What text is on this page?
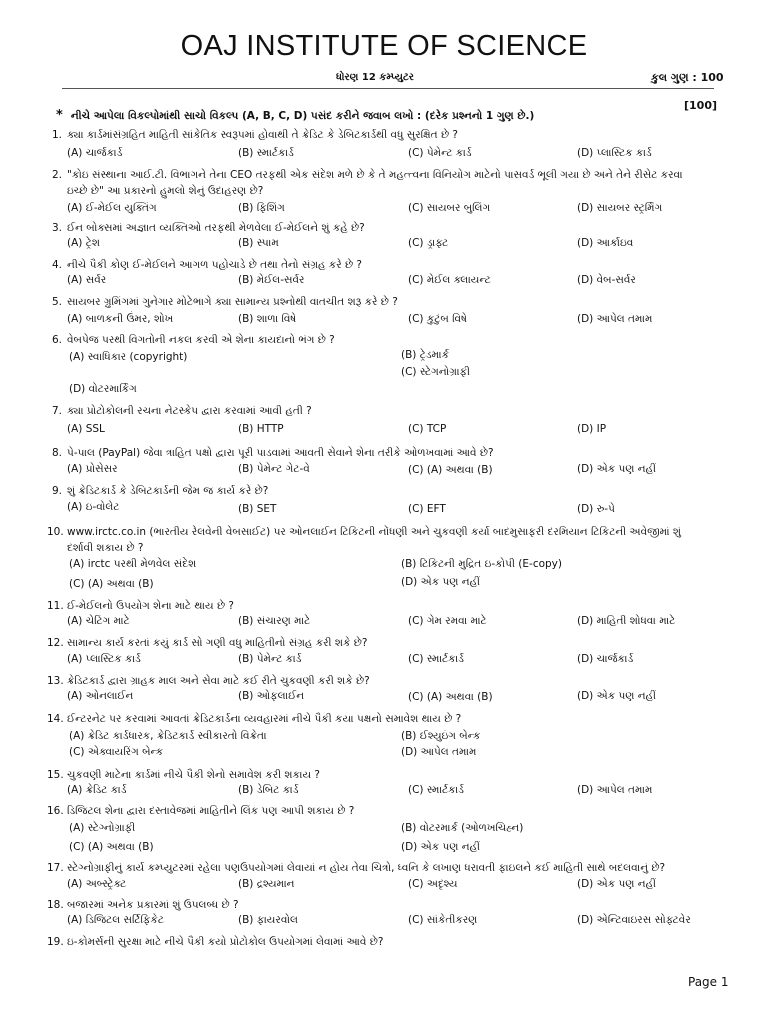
OAJ INSTITUTE OF SCIENCE
ધોરણ 12 કમ્પ્યુટર	કુલ ગુણ : 100
[100]
* નીચે આપેલા વિકલ્પોમાંથી સાચો વિકલ્પ (A, B, C, D) પસંદ કરીને જવાબ લખો : (દરેક પ્રશ્નનો 1 ગુણ છે.)
1. ક્યા કાર્ડમાંસંગ્રહિત માહિતી સાંકેતિક સ્વરૂપમાં હોવાથી તે ક્રેડિટ કે ડેબિટકાર્ડથી વધુ સુરક્ષિત છે ?
(A) ચાર્જકાર્ડ	(B) સ્માર્ટકાર્ડ	(C) પેમેન્ટ કાર્ડ	(D) પ્લાસ્ટિક કાર્ડ
2. "કોઇ સંસ્થાના આઈ.ટી. વિભાગને તેના CEO તરફથી એક સંદેશ મળે છે કે તે મહત્ત્વના વિનિયોગ માટેનો પાસવર્ડ ભૂલી ગયા છે અને તેને રીસેટ કરવા
ઇચ્છે છે" આ પ્રકારનો હુમલો શેનું ઉદાહરણ છે?
(A) ઈ-મેઈલ યુક્તિંગ	(B) ફિશિંગ	(C) સાયબર બુલિંગ	(D) સાયબર સ્ટ્રર્મિંગ
3. ઈન બોક્સમાં અજ્ઞાત વ્યક્તિઓ તરફથી મેળવેલા ઈ-મેઈલને શું કહે છે?
(A) ટ્રેશ	(B) સ્પામ	(C) ડ્રાફ્ટ	(D) આર્કાઇવ
4. નીચે પૈકી કોણ ઈ-મેઈલને આગળ પહોચાડે છે તથા તેનો સંગ્રહ કરે છે ?
(A) સર્વર	(B) મેઈલ-સર્વર	(C) મેઈલ ક્લાયન્ટ	(D) વેબ-સર્વર
5. સાયબર ગ્રુમિંગમાં ગુનેગાર મોટેભાગે ક્યા સામાન્ય પ્રશ્નોથી વાતચીત શરૂ કરે છે ?
(A) બાળકની ઉંમર, શોખ	(B) શાળા વિષે	(C) કુટુંબ વિષે	(D) આપેલ તમામ
6. વેબપેજ પરથી વિગતોની નકલ કરવી એ શેના કાયદાનો ભંગ છે ?
(A) સ્વાધિકાર (copyright)	(B) ટ્રેડમાર્ક
(C) સ્ટેગનોગ્રાફી
(D) વોટરમાર્કિંગ
7. ક્યા પ્રોટોકોલની રચના નેટસ્કેપ દ્વારા કરવામાં આવી હતી ?
(A) SSL	(B) HTTP	(C) TCP	(D) IP
8. પે-પાલ (PayPal) જેવા ત્રાહિત પક્ષો દ્વારા પૂરી પાડવામાં આવતી સેવાને શેના તરીકે ઓળખવામાં આવે છે?
(A) પ્રોસેસર	(B) પેમેન્ટ ગેટ-વે	(C) (A) અથવા (B)	(D) એક પણ નહીં
9. શું ક્રેડિટકાર્ડ કે ડેબિટકાર્ડની જેમ જ કાર્ય કરે છે?
(A) ઇ-વોલેટ	(B) SET	(C) EFT	(D) રુ-પે
10. www.irctc.co.in (ભારતીય રેલવેની વેબસાઈટ) પર ઓનલાઈન ટિકિટની નોંધણી અને ચુકવણી કર્યા બાદમુસાફરી દરમિયાન ટિકિટની અવેજીમાં શું
દર્શાવી શકાય છે ?
(A) irctc પરથી મેળવેલ સંદેશ	(B) ટિકિટની મુદ્રિત ઇ-કોપી (E-copy)
(C) (A) અથવા (B)	(D) એક પણ નહીં
11. ઈ-મેઈલનો ઉપયોગ શેના માટે થાય છે ?
(A) ચેટિંગ માટે	(B) સંચારણ માટે	(C) ગેમ રમવા માટે	(D) માહિતી શોધવા માટે
12. સામાન્ય કાર્ય કરતાં કયું કાર્ડ સો ગણી વધુ માહિતીનો સંગ્રહ કરી શકે છે?
(A) પ્લાસ્ટિક કાર્ડ	(B) પેમેન્ટ કાર્ડ	(C) સ્માર્ટકાર્ડ	(D) ચાર્જકાર્ડ
13. ક્રેડિટકાર્ડ દ્વારા ગ્રાહક માલ અને સેવા માટે કઈ રીતે ચુકવણી કરી શકે છે?
(A) ઓનલાઈન	(B) ઓફલાઈન	(C) (A) અથવા (B)	(D) એક પણ નહીં
14. ઈન્ટરનેટ પર કરવામાં આવતાં ક્રેડિટકાર્ડના વ્યવહારમાં નીચે પૈકી કયા પક્ષનો સમાવેશ થાય છે ?
(A) ક્રેડિટ કાર્ડધારક, ક્રેડિટકાર્ડ સ્વીકારતો વિક્રેતા	(B) ઈશ્યુઇંગ બેન્ક
(C) એક્વાયરિંગ બેન્ક	(D) આપેલ તમામ
15. ચુકવણી માટેના કાર્ડમાં નીચે પૈકી શેનો સમાવેશ કરી શકાય ?
(A) ક્રેડિટ કાર્ડ	(B) ડેબિટ કાર્ડ	(C) સ્માર્ટકાર્ડ	(D) આપેલ તમામ
16. ડિજિટલ શેના દ્વારા દસ્તાવેજમાં માહિતીને લિંક પણ આપી શકાય છે ?
(A) સ્ટેગ્નોગ્રાફી	(B) વોટરમાર્ક (ઓળખચિહ્ન)
(C) (A) અથવા (B)	(D) એક પણ નહીં
17. સ્ટેગ્નોગ્રાફીનું કાર્ય કમ્પ્યુટરમાં રહેલા પણઉપયોગમાં લેવાયાં ન હોય તેવા ચિત્રો, ધ્વનિ કે લખાણ ધરાવતી ફાઇલને કઈ માહિતી સાથે બદલવાનું છે?
(A) અબ્સ્ટ્રેક્ટ	(B) દ્રશ્યમાન	(C) અદૃશ્ય	(D) એક પણ નહીં
18. બજારમાં અનેક પ્રકારમાં શું ઉપલબ્ધ છે ?
(A) ડિજિટલ સર્ટિફિકેટ	(B) ફાયરવોલ	(C) સાંકેતીકરણ	(D) એન્ટિવાઇરસ સોફ્ટવેર
19. ઇ-કોમર્સની સુરક્ષા માટે નીચે પૈકી કયો પ્રોટોકોલ ઉપયોગમાં લેવામાં આવે છે?
Page 1
